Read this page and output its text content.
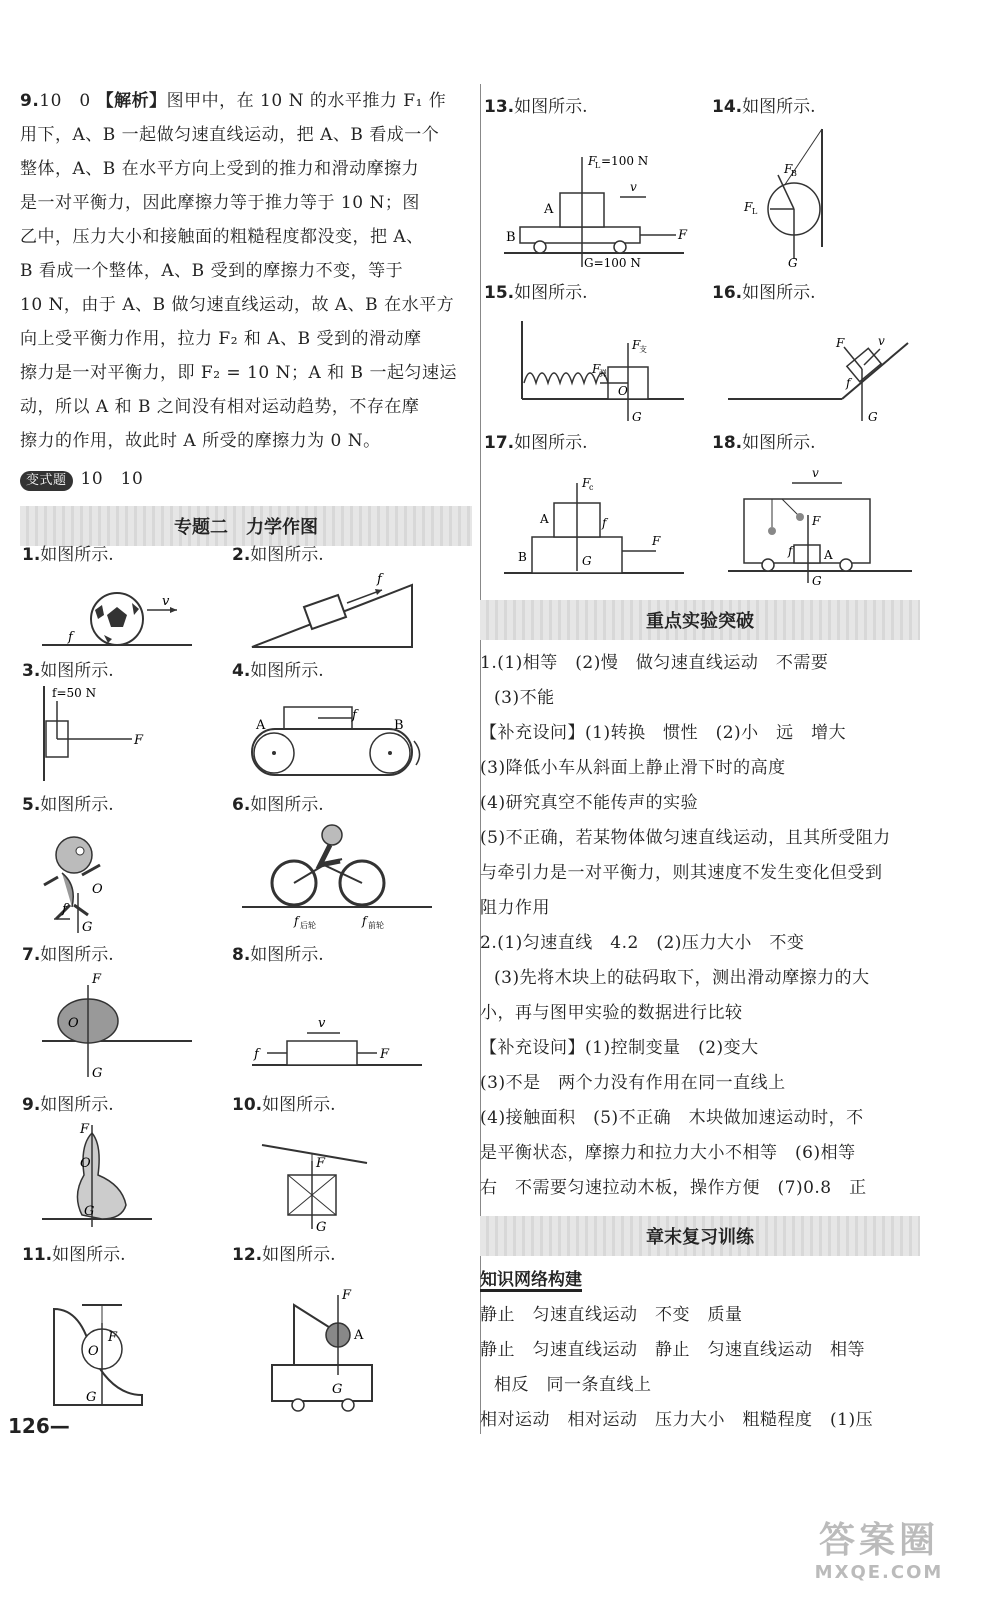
9.10　0 【解析】图甲中，在 10 N 的水平推力 F₁ 作

用下，A、B 一起做匀速直线运动，把 A、B 看成一个

整体，A、B 在水平方向上受到的推力和滑动摩擦力

是一对平衡力，因此摩擦力等于推力等于 10 N；图

乙中，压力大小和接触面的粗糙程度都没变，把 A、

B 看成一个整体，A、B 受到的摩擦力不变，等于

10 N，由于 A、B 做匀速直线运动，故 A、B 在水平方

向上受平衡力作用，拉力 F₂ 和 A、B 受到的滑动摩

擦力是一对平衡力，即 F₂ = 10 N；A 和 B 一起匀速运

动，所以 A 和 B 之间没有相对运动趋势，不存在摩

擦力的作用，故此时 A 所受的摩擦力为 0 N。

变式题 10　10

专题二　力学作图
1.如图所示.
v
f
2.如图所示.
f
3.如图所示.
f=50 N
F
4.如图所示.
f
A	B
5.如图所示.
O
G
f
6.如图所示.
f 后轮	f 前轮
7.如图所示.
F
O
G
8.如图所示.
v
f	F
9.如图所示.
F
O
G
10.如图所示.
F
G
11.如图所示.
F
O
G
12.如图所示.
A
F
G
13.如图所示.
A
B
F
L =100 N
G=100 N
v
F
14.如图所示.
F
B
F L
G
15.如图所示.
F
支
F
弹
O
G
16.如图所示.
F	v
f
G
17.如图所示.
A
B
F
c
G
f
F
18.如图所示.
A
F
G
f
v
重点实验突破

1.(1)相等　(2)慢　做匀速直线运动　不需要

(3)不能

【补充设问】(1)转换　惯性　(2)小　远　增大

(3)降低小车从斜面上静止滑下时的高度

(4)研究真空不能传声的实验

(5)不正确，若某物体做匀速直线运动，且其所受阻力

与牵引力是一对平衡力，则其速度不发生变化但受到

阻力作用

2.(1)匀速直线　4.2　(2)压力大小　不变

(3)先将木块上的砝码取下，测出滑动摩擦力的大

小，再与图甲实验的数据进行比较

【补充设问】(1)控制变量　(2)变大

(3)不是　两个力没有作用在同一直线上

(4)接触面积　(5)不正确　木块做加速运动时，不

是平衡状态，摩擦力和拉力大小不相等　(6)相等

右　不需要匀速拉动木板，操作方便　(7)0.8　正

章末复习训练
知识网络构建

静止　匀速直线运动　不变　质量

静止　匀速直线运动　静止　匀速直线运动　相等

相反　同一条直线上

相对运动　相对运动　压力大小　粗糙程度　(1)压

126—
答案圈
MXQE.COM
